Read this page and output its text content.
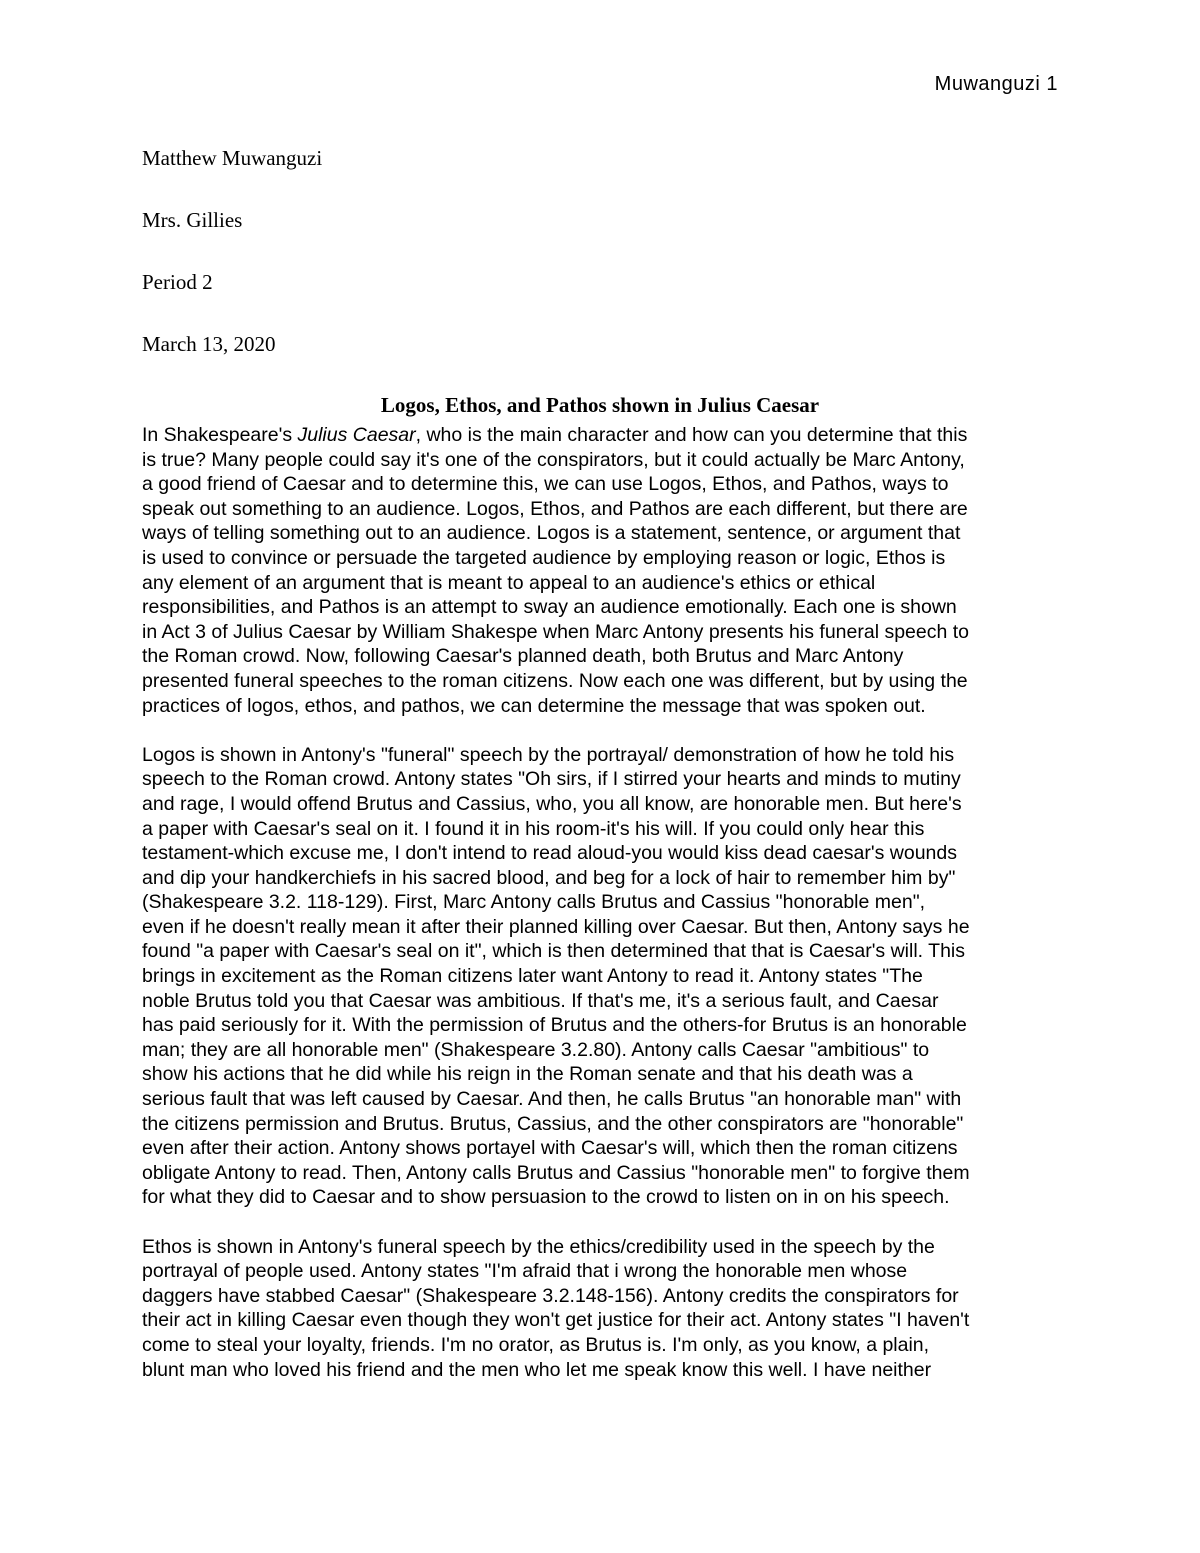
Muwanguzi 1
Matthew Muwanguzi
Mrs. Gillies
Period 2
March 13, 2020
Logos, Ethos, and Pathos shown in Julius Caesar
In Shakespeare's Julius Caesar, who is the main character and how can you determine that this
is true? Many people could say it's one of the conspirators, but it could actually be Marc Antony,
a good friend of Caesar and to determine this, we can use Logos, Ethos, and Pathos, ways to
speak out something to an audience. Logos, Ethos, and Pathos are each different, but there are
ways of telling something out to an audience. Logos is a statement, sentence, or argument that
is used to convince or persuade the targeted audience by employing reason or logic, Ethos is
any element of an argument that is meant to appeal to an audience's ethics or ethical
responsibilities, and Pathos is an attempt to sway an audience emotionally. Each one is shown
in Act 3 of Julius Caesar by William Shakespe when Marc Antony presents his funeral speech to
the Roman crowd. Now, following Caesar's planned death, both Brutus and Marc Antony
presented funeral speeches to the roman citizens. Now each one was different, but by using the
practices of logos, ethos, and pathos, we can determine the message that was spoken out.
Logos is shown in Antony's "funeral" speech by the portrayal/ demonstration of how he told his
speech to the Roman crowd. Antony states "Oh sirs, if I stirred your hearts and minds to mutiny
and rage, I would offend Brutus and Cassius, who, you all know, are honorable men. But here's
a paper with Caesar's seal on it. I found it in his room-it's his will. If you could only hear this
testament-which excuse me, I don't intend to read aloud-you would kiss dead caesar's wounds
and dip your handkerchiefs in his sacred blood, and beg for a lock of hair to remember him by"
(Shakespeare 3.2. 118-129). First, Marc Antony calls Brutus and Cassius "honorable men",
even if he doesn't really mean it after their planned killing over Caesar. But then, Antony says he
found "a paper with Caesar's seal on it", which is then determined that that is Caesar's will. This
brings in excitement as the Roman citizens later want Antony to read it. Antony states "The
noble Brutus told you that Caesar was ambitious. If that's me, it's a serious fault, and Caesar
has paid seriously for it. With the permission of Brutus and the others-for Brutus is an honorable
man; they are all honorable men" (Shakespeare 3.2.80). Antony calls Caesar "ambitious" to
show his actions that he did while his reign in the Roman senate and that his death was a
serious fault that was left caused by Caesar. And then, he calls Brutus "an honorable man" with
the citizens permission and Brutus. Brutus, Cassius, and the other conspirators are "honorable"
even after their action. Antony shows portayel with Caesar's will, which then the roman citizens
obligate Antony to read. Then, Antony calls Brutus and Cassius "honorable men" to forgive them
for what they did to Caesar and to show persuasion to the crowd to listen on in on his speech.
Ethos is shown in Antony's funeral speech by the ethics/credibility used in the speech by the
portrayal of people used. Antony states "I'm afraid that i wrong the honorable men whose
daggers have stabbed Caesar" (Shakespeare 3.2.148-156). Antony credits the conspirators for
their act in killing Caesar even though they won't get justice for their act. Antony states "I haven't
come to steal your loyalty, friends. I'm no orator, as Brutus is. I'm only, as you know, a plain,
blunt man who loved his friend and the men who let me speak know this well. I have neither
